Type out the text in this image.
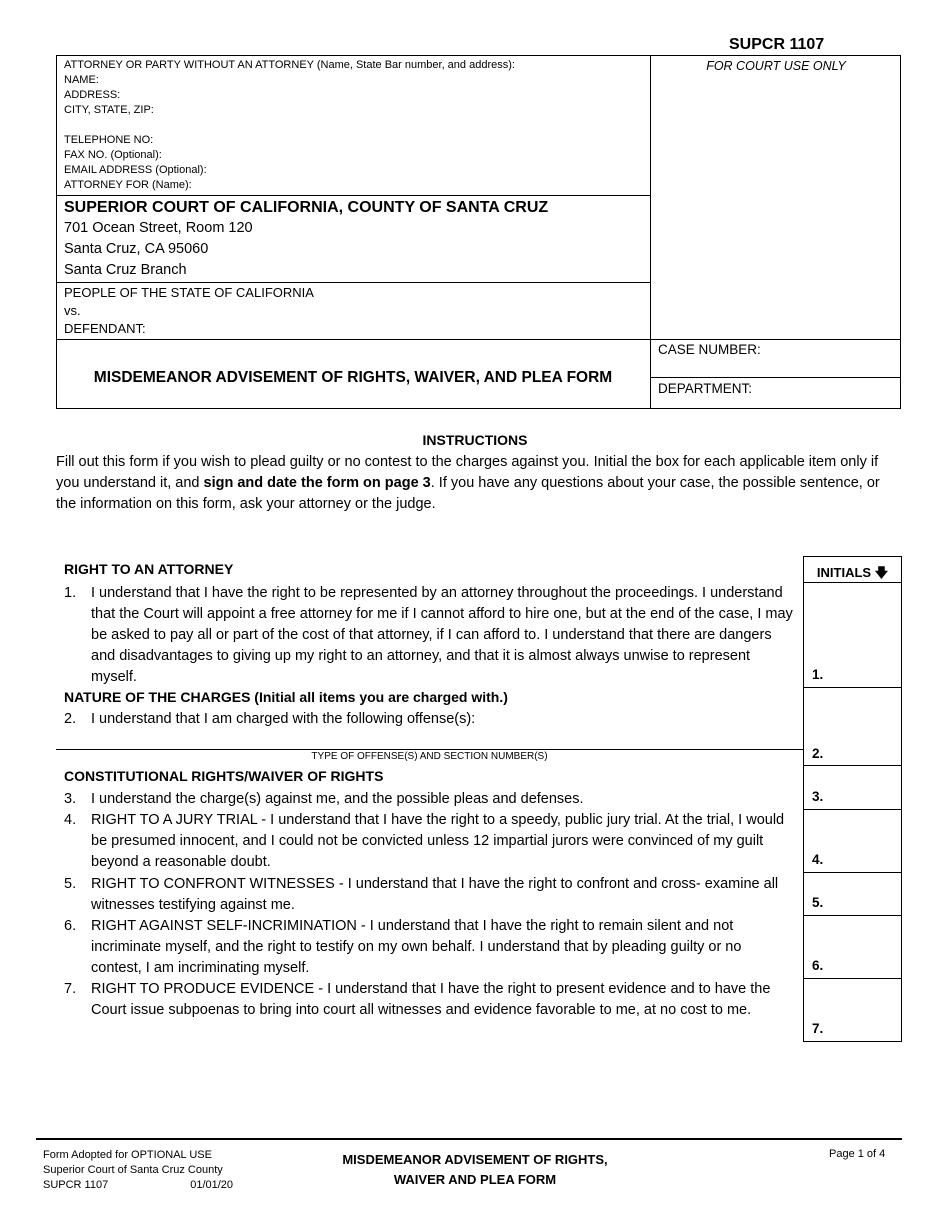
SUPCR 1107
ATTORNEY OR PARTY WITHOUT AN ATTORNEY (Name, State Bar number, and address):
NAME:
ADDRESS:
CITY, STATE, ZIP:
TELEPHONE NO:
FAX NO. (Optional):
EMAIL ADDRESS (Optional):
ATTORNEY FOR (Name):
FOR COURT USE ONLY
SUPERIOR COURT OF CALIFORNIA, COUNTY OF SANTA CRUZ
701 Ocean Street, Room 120
Santa Cruz, CA 95060
Santa Cruz Branch
PEOPLE OF THE STATE OF CALIFORNIA
vs.
DEFENDANT:
MISDEMEANOR ADVISEMENT OF RIGHTS, WAIVER, AND PLEA FORM
CASE NUMBER:
DEPARTMENT:
INSTRUCTIONS
Fill out this form if you wish to plead guilty or no contest to the charges against you. Initial the box for each applicable item only if you understand it, and sign and date the form on page 3. If you have any questions about your case, the possible sentence, or the information on this form, ask your attorney or the judge.
INITIALS 🡇
1.
2.
3.
4.
5.
6.
7.
RIGHT TO AN ATTORNEY
1. I understand that I have the right to be represented by an attorney throughout the proceedings. I understand that the Court will appoint a free attorney for me if I cannot afford to hire one, but at the end of the case, I may be asked to pay all or part of the cost of that attorney, if I can afford to. I understand that there are dangers and disadvantages to giving up my right to an attorney, and that it is almost always unwise to represent myself.
NATURE OF THE CHARGES (Initial all items you are charged with.)
2. I understand that I am charged with the following offense(s):
TYPE OF OFFENSE(S) AND SECTION NUMBER(S)
CONSTITUTIONAL RIGHTS/WAIVER OF RIGHTS
3. I understand the charge(s) against me, and the possible pleas and defenses.
4. RIGHT TO A JURY TRIAL - I understand that I have the right to a speedy, public jury trial. At the trial, I would be presumed innocent, and I could not be convicted unless 12 impartial jurors were convinced of my guilt beyond a reasonable doubt.
5. RIGHT TO CONFRONT WITNESSES - I understand that I have the right to confront and cross- examine all witnesses testifying against me.
6. RIGHT AGAINST SELF-INCRIMINATION - I understand that I have the right to remain silent and not incriminate myself, and the right to testify on my own behalf. I understand that by pleading guilty or no contest, I am incriminating myself.
7. RIGHT TO PRODUCE EVIDENCE - I understand that I have the right to present evidence and to have the Court issue subpoenas to bring into court all witnesses and evidence favorable to me, at no cost to me.
Form Adopted for OPTIONAL USE
Superior Court of Santa Cruz County
SUPCR 1107	01/01/20
MISDEMEANOR ADVISEMENT OF RIGHTS,
WAIVER AND PLEA FORM
Page 1 of 4
